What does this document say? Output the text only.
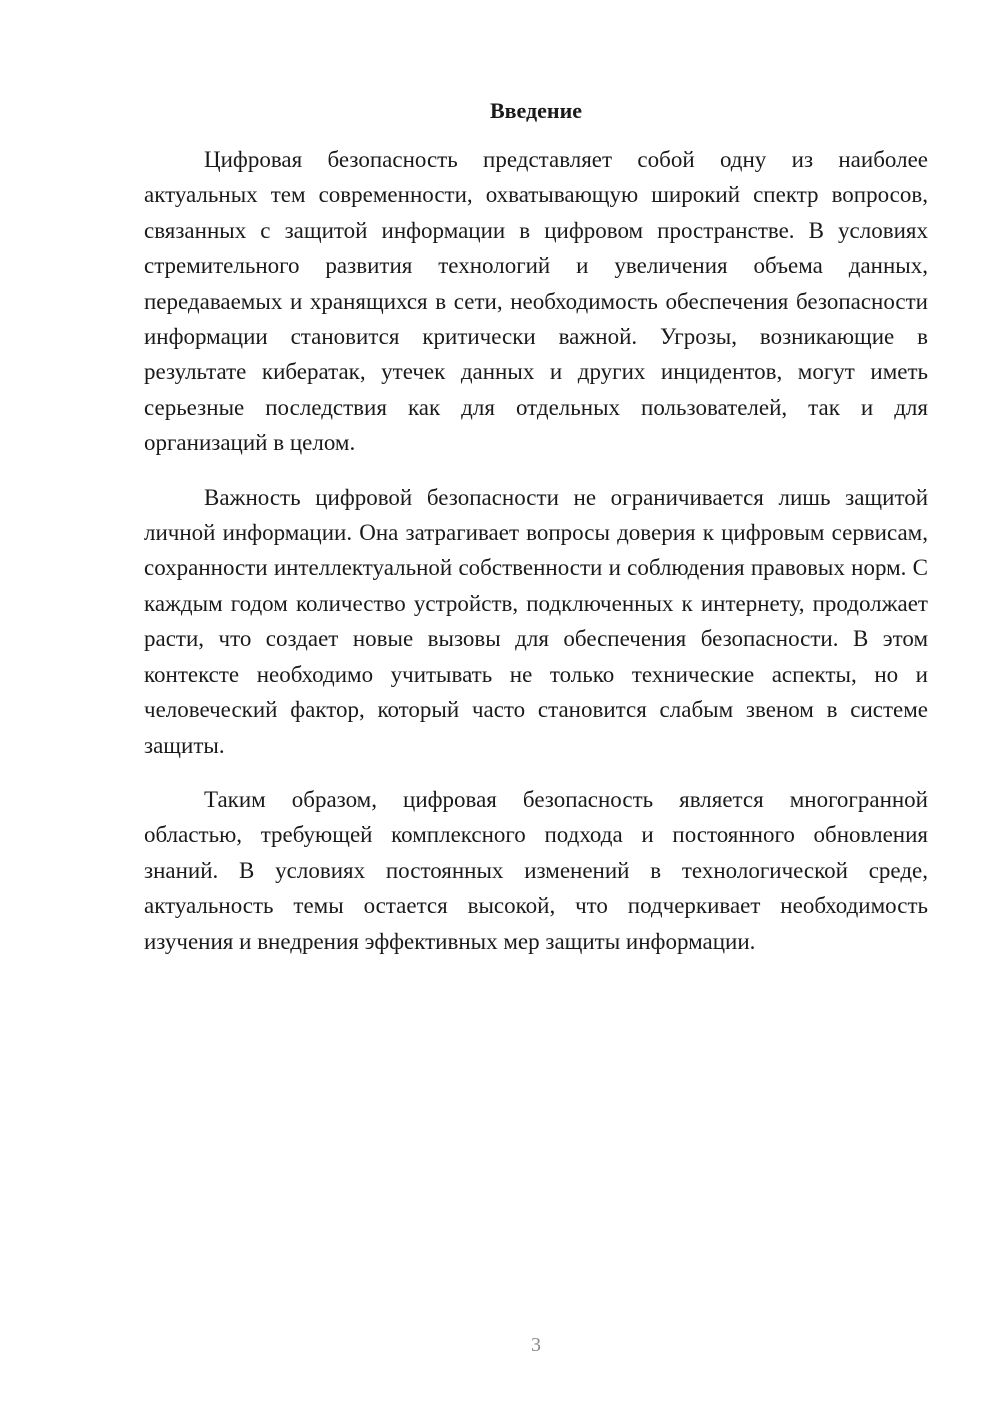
Введение

Цифровая безопасность представляет собой одну из наиболее актуальных тем современности, охватывающую широкий спектр вопросов, связанных с защитой информации в цифровом пространстве. В условиях стремительного развития технологий и увеличения объема данных, передаваемых и хранящихся в сети, необходимость обеспечения безопасности информации становится критически важной. Угрозы, возникающие в результате кибератак, утечек данных и других инцидентов, могут иметь серьезные последствия как для отдельных пользователей, так и для организаций в целом.

Важность цифровой безопасности не ограничивается лишь защитой личной информации. Она затрагивает вопросы доверия к цифровым сервисам, сохранности интеллектуальной собственности и соблюдения правовых норм. С каждым годом количество устройств, подключенных к интернету, продолжает расти, что создает новые вызовы для обеспечения безопасности. В этом контексте необходимо учитывать не только технические аспекты, но и человеческий фактор, который часто становится слабым звеном в системе защиты.

Таким образом, цифровая безопасность является многогранной областью, требующей комплексного подхода и постоянного обновления знаний. В условиях постоянных изменений в технологической среде, актуальность темы остается высокой, что подчеркивает необходимость изучения и внедрения эффективных мер защиты информации.

3
